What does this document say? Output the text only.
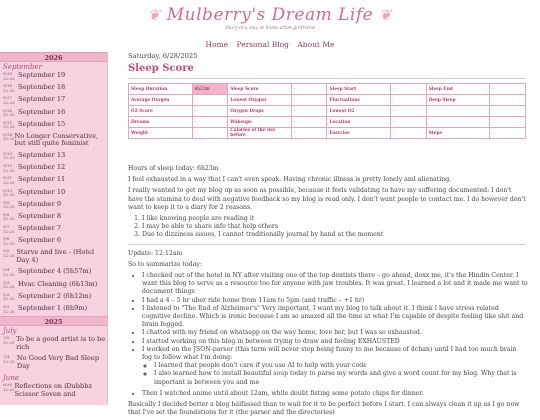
❦ Mulberry's Dream Life ❦
Diary of a stay at home artist girlfriend
Home Personal Blog About Me
2026
September
9/19 12:25 September 19
9/18 12:25 September 18
9/17 12:25 September 17
9/16 12:25 September 16
9/15 12:25 September 15
9/14 12:25 No Longer Conservative, but still quite feminist
9/13 12:25 September 13
9/12 12:25 September 12
9/11 12:25 September 11
9/10 12:25 September 10
9/9 12:25 September 9
9/8 12:25 September 8
9/7 12:25 September 7
9/6 12:25 September 6
9/5 12:25 Starve and live - (Hotel Day 4)
9/4 12:25 September 4 (5h57m)
9/3 12:25 Hvac Cleaning (6h13m)
9/2 12:25 September 2 (6h12m)
9/1 12:25 September 1 (8h9m)
2025
July
7/5 12:25 To be a good artist is to be rich
7/4 12:25 No Good Very Bad Sleep Day
June
6/30 12:25 Reflections on iDubbbz Scissor Seven and
Saturday, 6/28/2025
Sleep Score
Sleep Duration	6h23m	Sleep Score	-	Sleep Start	-	Sleep End	-
Average Oxygen	-	Lowest Oxygen	-	Fluctuations	-	Deep Sleep	-
O2 Score	-	Oxygen Drops	-	Lowest O2	-		
Dreams	-	Wakeups	-	Location	-		
Weight	-	Calories of the day before	-	Exercise	-	Steps	-

Hours of sleep today: 6h23m

I feel exhausted in a way that I can't even speak. Having chronic illness is pretty lonely and alienating.

I really wanted to get my blog up as soon as possible, because it feels validating to have my suffering documented: I don't have the stamina to deal with negative feedback so my blog is read only. I don't want people to contact me. I do however don't want to keep it to a diary for 2 reasons.

1. I like knowing people are reading it
2. I may be able to share info that help others
3. Due to dizziness issues, I cannot traditionally journal by hand at the moment

Update: 12:12am

So to summarize today:

• I checked out of the hotel in NY after visiting one of the top dentists there – go ahead, doxx me, it's the Hindin Center. I want this blog to serve as a resource too for anyone with jaw troubles. It was great. I learned a lot and it made me want to document things
• I had a 4 – 5 hr uber ride home from 11am to 5pm (and traffic – +1 hr)
• I listened to "The End of Alzheimer's" Very important, I want my blog to talk about it. I think I have stress related cognitive decline. Which is ironic because I am so amazed all the time at what I'm capable of despite feeling like shit and brain fogged.
• I chatted with my friend on whatsapp on the way home, love her, but I was so exhausted.
• I started working on this blog in between trying to draw and feeling EXHAUSTED
• I worked on the JSON-parser (this term will never stop being funny to me because of 4chan) until I had too much brain fog to follow what I'm doing:
◦ I learned that people don't care if you use AI to help with your code
◦ I also learned how to install beautiful soup today to parse my words and give a word count for my blog. Why that is important is between you and me
• Then I watched anime until about 12am, while doubt fisting some potato chips for dinner.

Basically I decided better a blog halfassed than to wait for it to be perfect before I start. I can always clean it up as I go now that I've set the foundations for it (the parser and the directories)
